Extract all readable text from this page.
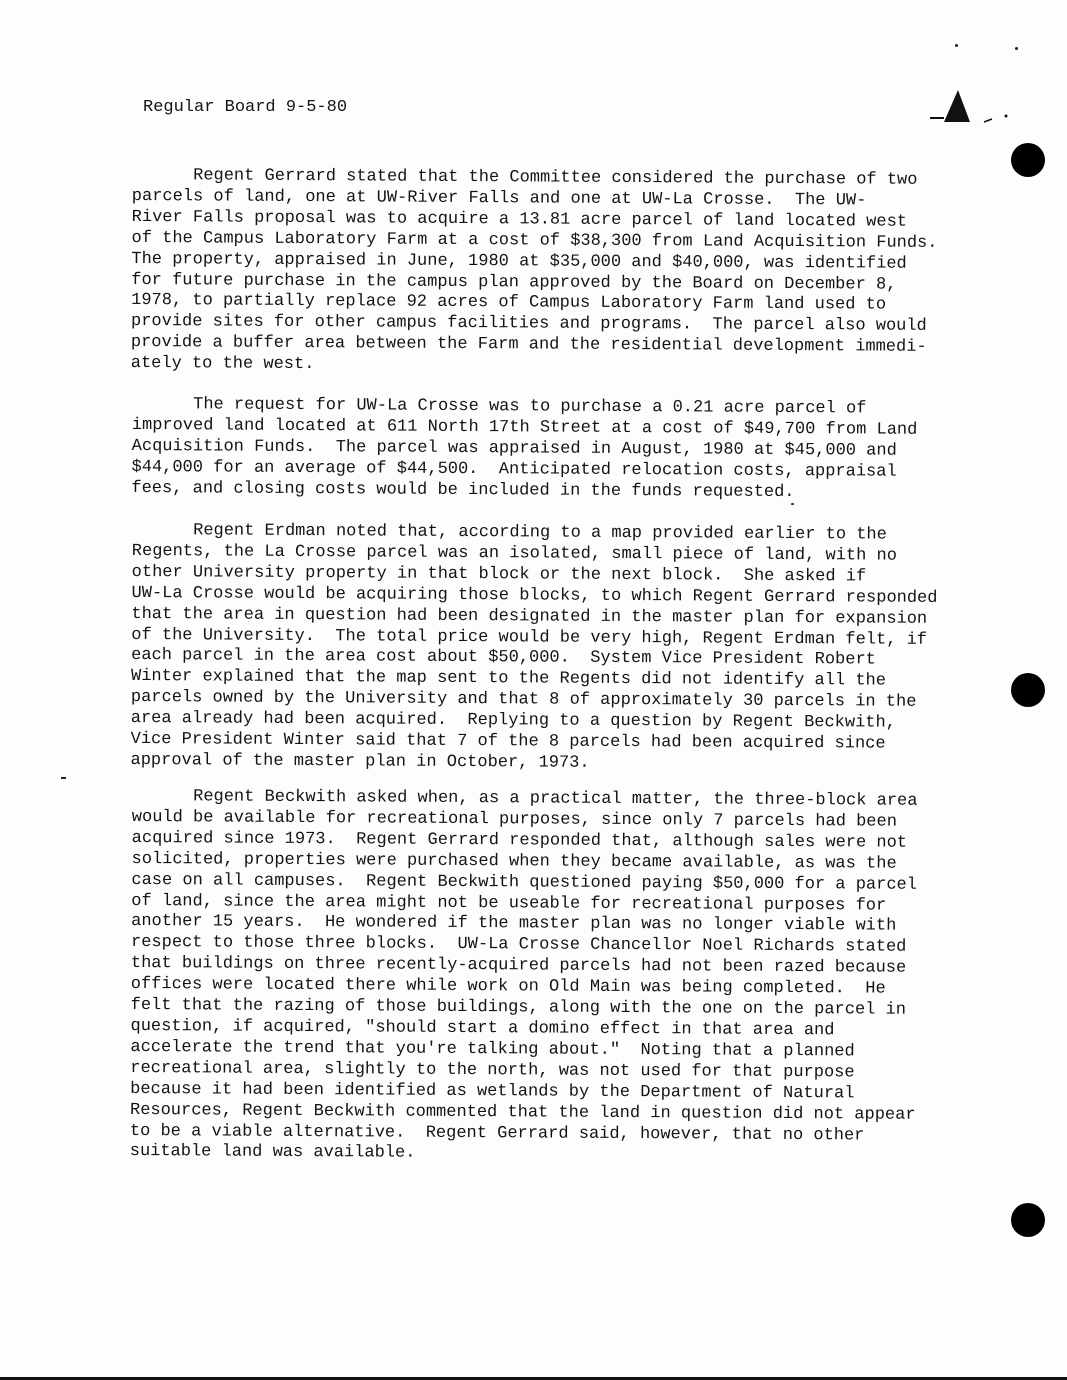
Regular Board 9-5-80

Regent Gerrard stated that the Committee considered the purchase of two
parcels of land, one at UW-River Falls and one at UW-La Crosse.  The UW-
River Falls proposal was to acquire a 13.81 acre parcel of land located west
of the Campus Laboratory Farm at a cost of $38,300 from Land Acquisition Funds.
The property, appraised in June, 1980 at $35,000 and $40,000, was identified
for future purchase in the campus plan approved by the Board on December 8,
1978, to partially replace 92 acres of Campus Laboratory Farm land used to
provide sites for other campus facilities and programs.  The parcel also would
provide a buffer area between the Farm and the residential development immedi-
ately to the west.

The request for UW-La Crosse was to purchase a 0.21 acre parcel of
improved land located at 611 North 17th Street at a cost of $49,700 from Land
Acquisition Funds.  The parcel was appraised in August, 1980 at $45,000 and
$44,000 for an average of $44,500.  Anticipated relocation costs, appraisal
fees, and closing costs would be included in the funds requested.

Regent Erdman noted that, according to a map provided earlier to the
Regents, the La Crosse parcel was an isolated, small piece of land, with no
other University property in that block or the next block.  She asked if
UW-La Crosse would be acquiring those blocks, to which Regent Gerrard responded
that the area in question had been designated in the master plan for expansion
of the University.  The total price would be very high, Regent Erdman felt, if
each parcel in the area cost about $50,000.  System Vice President Robert
Winter explained that the map sent to the Regents did not identify all the
parcels owned by the University and that 8 of approximately 30 parcels in the
area already had been acquired.  Replying to a question by Regent Beckwith,
Vice President Winter said that 7 of the 8 parcels had been acquired since
approval of the master plan in October, 1973.

Regent Beckwith asked when, as a practical matter, the three-block area
would be available for recreational purposes, since only 7 parcels had been
acquired since 1973.  Regent Gerrard responded that, although sales were not
solicited, properties were purchased when they became available, as was the
case on all campuses.  Regent Beckwith questioned paying $50,000 for a parcel
of land, since the area might not be useable for recreational purposes for
another 15 years.  He wondered if the master plan was no longer viable with
respect to those three blocks.  UW-La Crosse Chancellor Noel Richards stated
that buildings on three recently-acquired parcels had not been razed because
offices were located there while work on Old Main was being completed.  He
felt that the razing of those buildings, along with the one on the parcel in
question, if acquired, "should start a domino effect in that area and
accelerate the trend that you're talking about."  Noting that a planned
recreational area, slightly to the north, was not used for that purpose
because it had been identified as wetlands by the Department of Natural
Resources, Regent Beckwith commented that the land in question did not appear
to be a viable alternative.  Regent Gerrard said, however, that no other
suitable land was available.
